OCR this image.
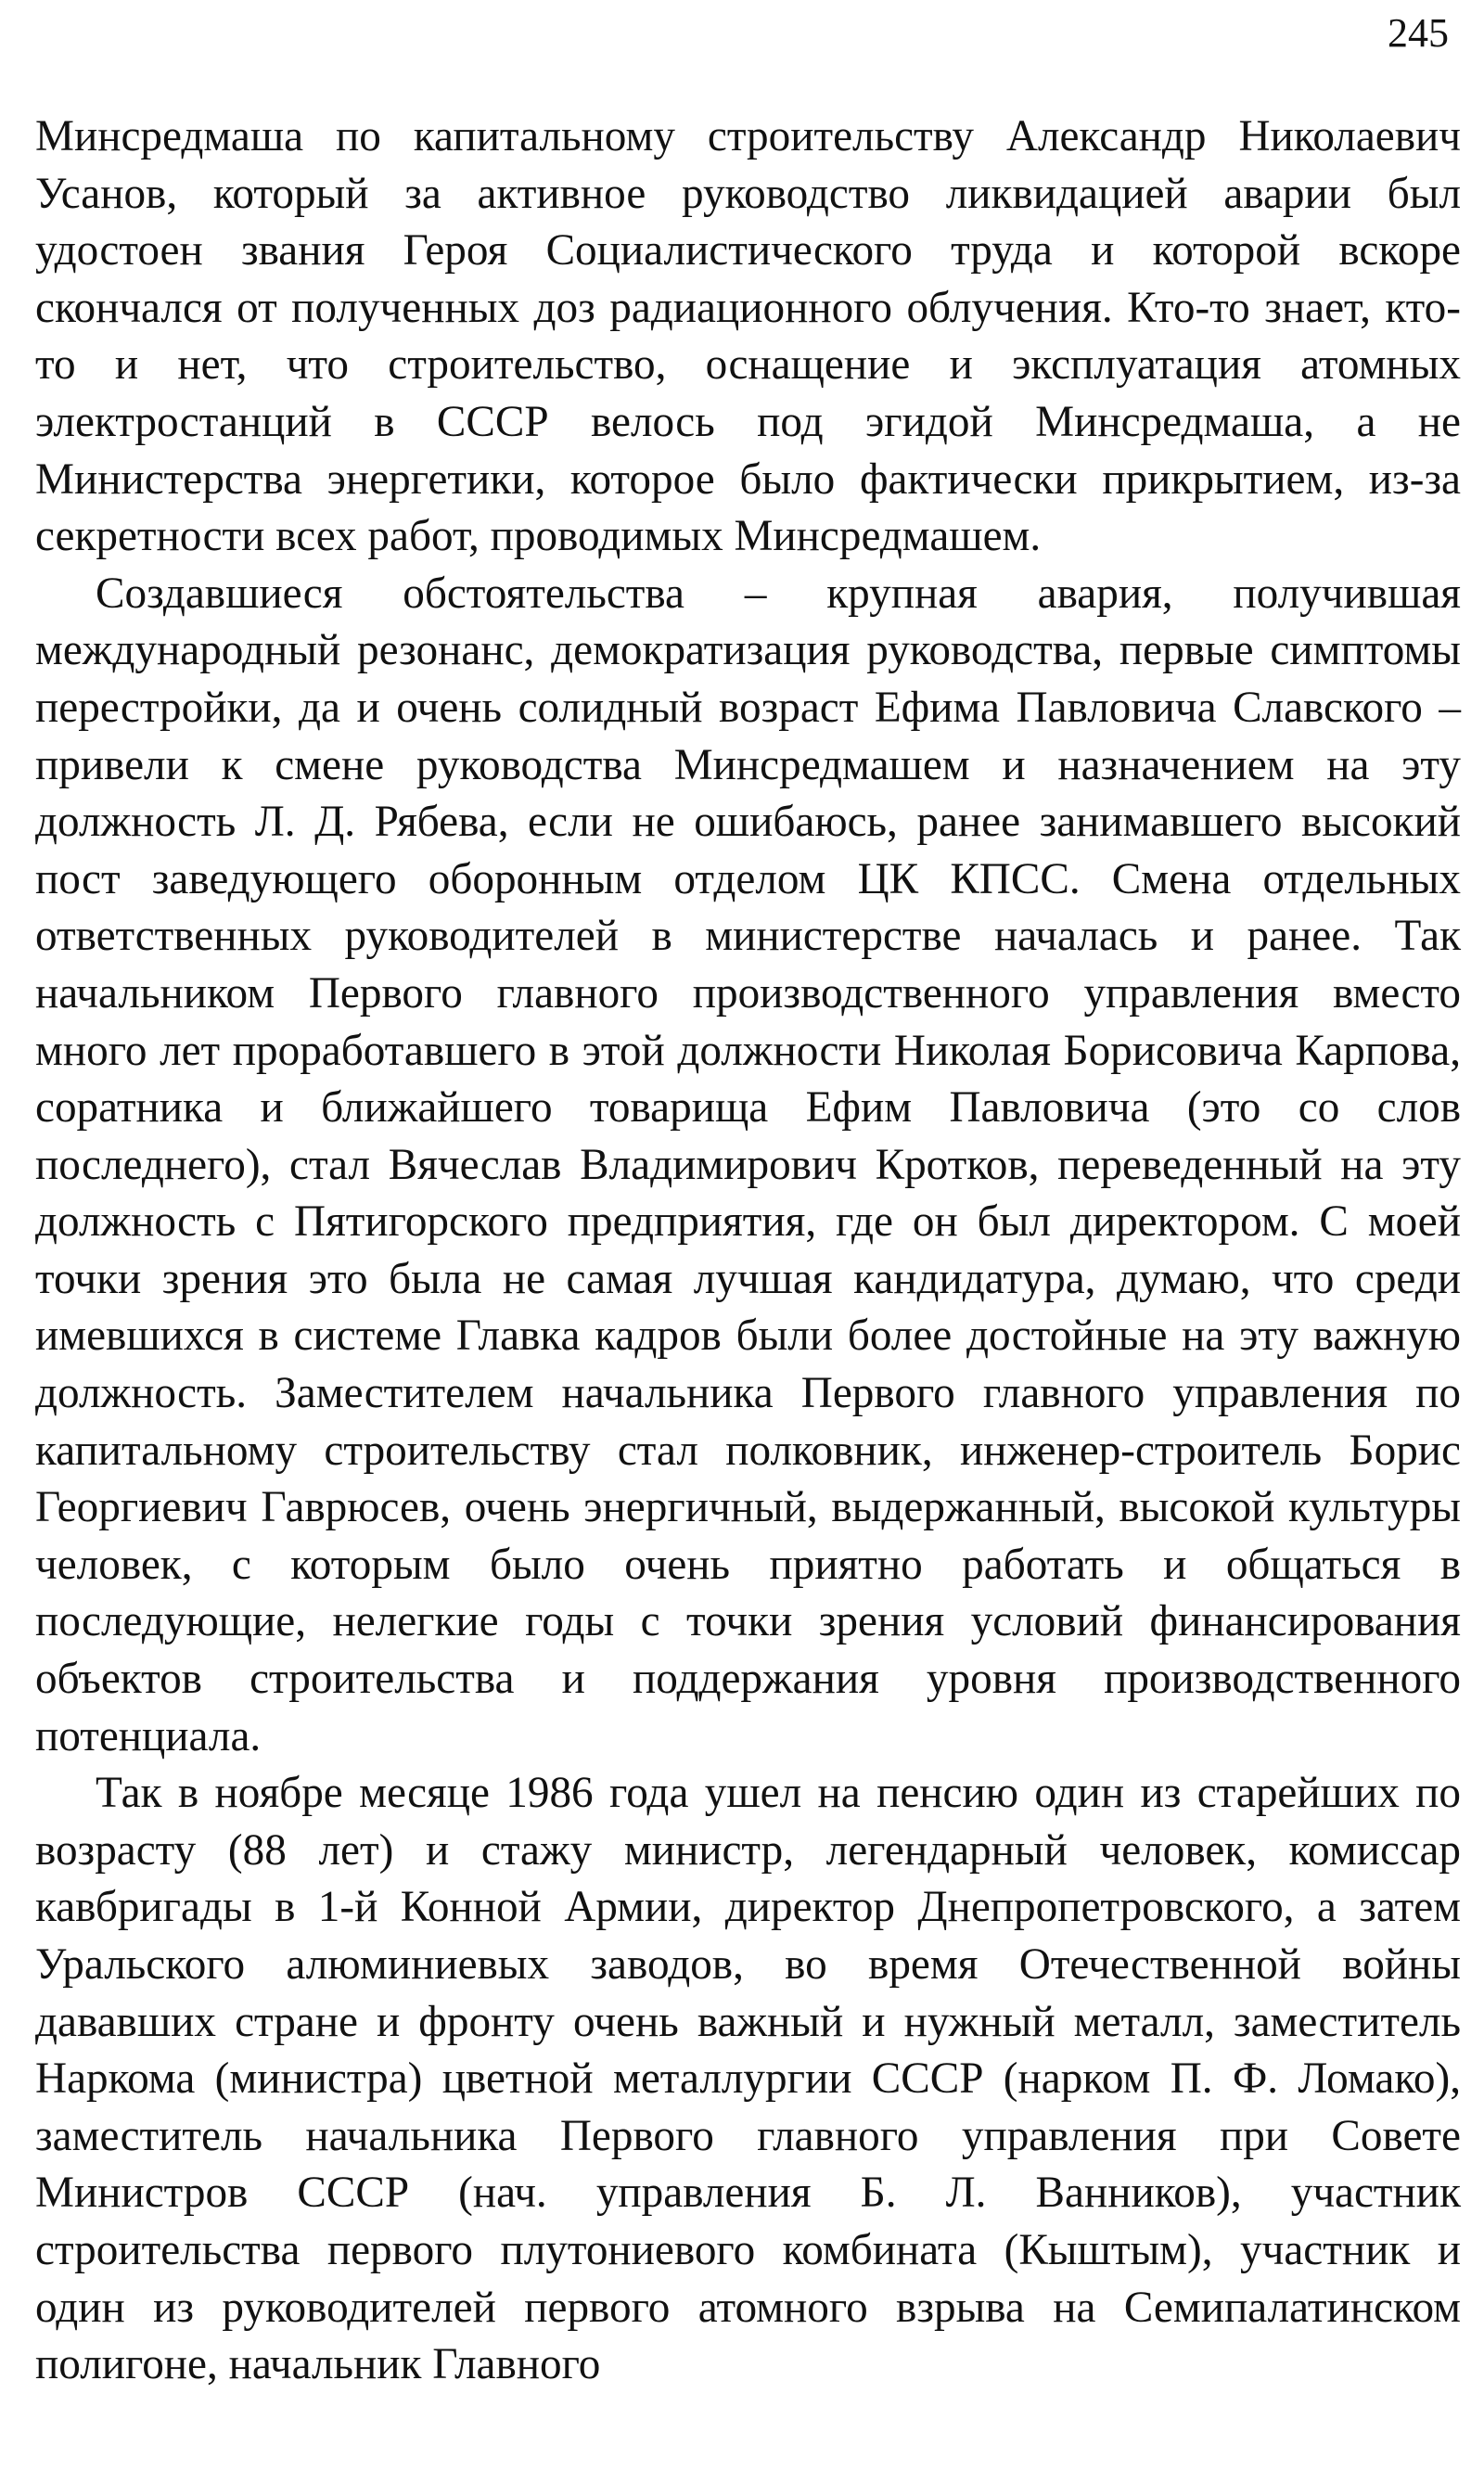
245

Минсредмаша по капитальному строительству Александр Николаевич Усанов, который за активное руководство ликвидацией аварии был удостоен звания Героя Социалистического труда и которой вскоре скончался от полученных доз радиационного облучения. Кто-то знает, кто-то и нет, что строительство, оснащение и эксплуатация атомных электростанций в СССР велось под эгидой Минсредмаша, а не Министерства энергетики, которое было фактически прикрытием, из-за секретности всех работ, проводимых Минсредмашем.

Создавшиеся обстоятельства – крупная авария, получившая международный резонанс, демократизация руководства, первые симптомы перестройки, да и очень солидный возраст Ефима Павловича Славского – привели к смене руководства Минсредмашем и назначением на эту должность Л. Д. Рябева, если не ошибаюсь, ранее занимавшего высокий пост заведующего оборонным отделом ЦК КПСС. Смена отдельных ответственных руководителей в министерстве началась и ранее. Так начальником Первого главного производственного управления вместо много лет проработавшего в этой должности Николая Борисовича Карпова, соратника и ближайшего товарища Ефим Павловича (это со слов последнего), стал Вячеслав Владимирович Кротков, переведенный на эту должность с Пятигорского предприятия, где он был директором. С моей точки зрения это была не самая лучшая кандидатура, думаю, что среди имевшихся в системе Главка кадров были более достойные на эту важную должность. Заместителем начальника Первого главного управления по капитальному строительству стал полковник, инженер-строитель Борис Георгиевич Гаврюсев, очень энергичный, выдержанный, высокой культуры человек, с которым было очень приятно работать и общаться в последующие, нелегкие годы с точки зрения условий финансирования объектов строительства и поддержания уровня производственного потенциала.

Так в ноябре месяце 1986 года ушел на пенсию один из старейших по возрасту (88 лет) и стажу министр, легендарный человек, комиссар кавбригады в 1-й Конной Армии, директор Днепропетровского, а затем Уральского алюминиевых заводов, во время Отечественной войны дававших стране и фронту очень важный и нужный металл, заместитель Наркома (министра) цветной металлургии СССР (нарком П. Ф. Ломако), заместитель начальника Первого главного управления при Совете Министров СССР (нач. управления Б. Л. Ванников), участник строительства первого плутониевого комбината (Кыштым), участник и один из руководителей первого атомного взрыва на Семипалатинском полигоне, начальник Главного
